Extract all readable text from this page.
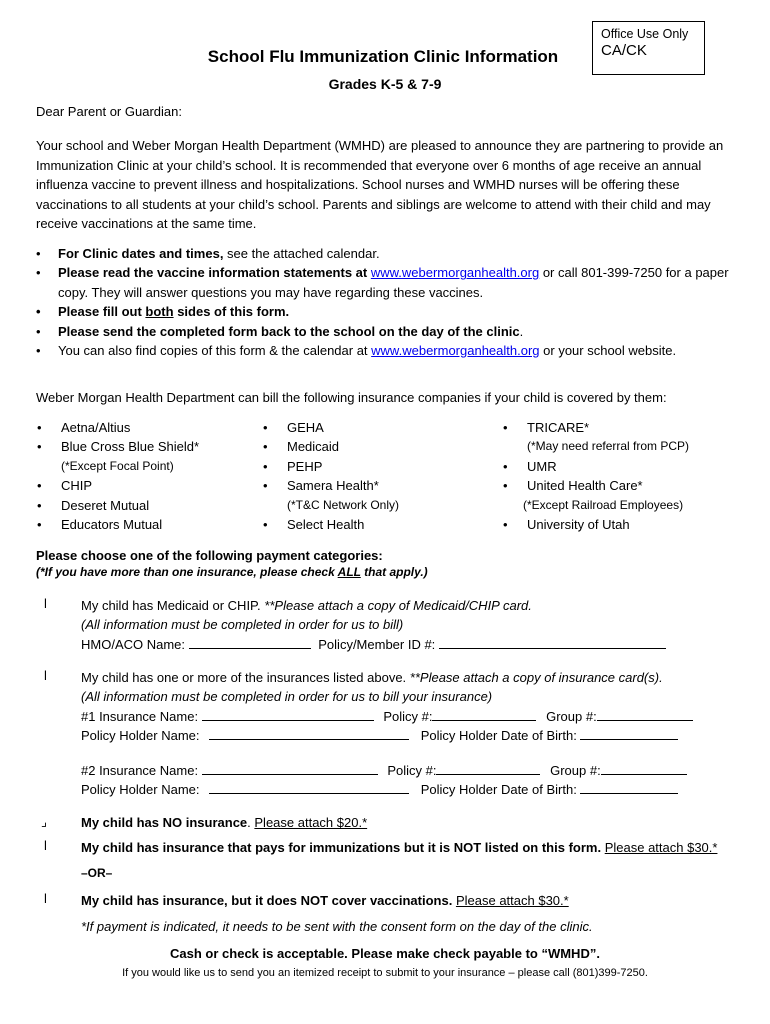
Office Use Only
CA/CK
School Flu Immunization Clinic Information
Grades K-5 & 7-9
Dear Parent or Guardian:
Your school and Weber Morgan Health Department (WMHD) are pleased to announce they are partnering to provide an Immunization Clinic at your child’s school. It is recommended that everyone over 6 months of age receive an annual influenza vaccine to prevent illness and hospitalizations. School nurses and WMHD nurses will be offering these vaccinations to all students at your child’s school. Parents and siblings are welcome to attend with their child and may receive vaccinations at the same time.
• For Clinic dates and times, see the attached calendar.
• Please read the vaccine information statements at www.webermorganhealth.org or call 801-399-7250 for a paper copy. They will answer questions you may have regarding these vaccines.
• Please fill out both sides of this form.
• Please send the completed form back to the school on the day of the clinic.
• You can also find copies of this form & the calendar at www.webermorganhealth.org or your school website.
Weber Morgan Health Department can bill the following insurance companies if your child is covered by them:
• Aetna/Altius
• Blue Cross Blue Shield*
(*Except Focal Point)
• CHIP
• Deseret Mutual
• Educators Mutual
• GEHA
• Medicaid
• PEHP
• Samera Health*
(*T&C Network Only)
• Select Health
• TRICARE*
(*May need referral from PCP)
• UMR
• United Health Care*
(*Except Railroad Employees)
• University of Utah
Please choose one of the following payment categories:
(*If you have more than one insurance, please check ALL that apply.)
l	My child has Medicaid or CHIP. **Please attach a copy of Medicaid/CHIP card.
(All information must be completed in order for us to bill)
HMO/ACO Name:	Policy/Member ID #:
l	My child has one or more of the insurances listed above. **Please attach a copy of insurance card(s).
(All information must be completed in order for us to bill your insurance)
#1 Insurance Name:	Policy #:	Group #:
Policy Holder Name:	Policy Holder Date of Birth:
#2 Insurance Name:	Policy #:	Group #:
Policy Holder Name:	Policy Holder Date of Birth:
⌟	My child has NO insurance. Please attach $20.*
l	My child has insurance that pays for immunizations but it is NOT listed on this form. Please attach $30.*
–OR–
l	My child has insurance, but it does NOT cover vaccinations. Please attach $30.*
*If payment is indicated, it needs to be sent with the consent form on the day of the clinic.
Cash or check is acceptable. Please make check payable to “WMHD”.
If you would like us to send you an itemized receipt to submit to your insurance – please call (801)399-7250.
